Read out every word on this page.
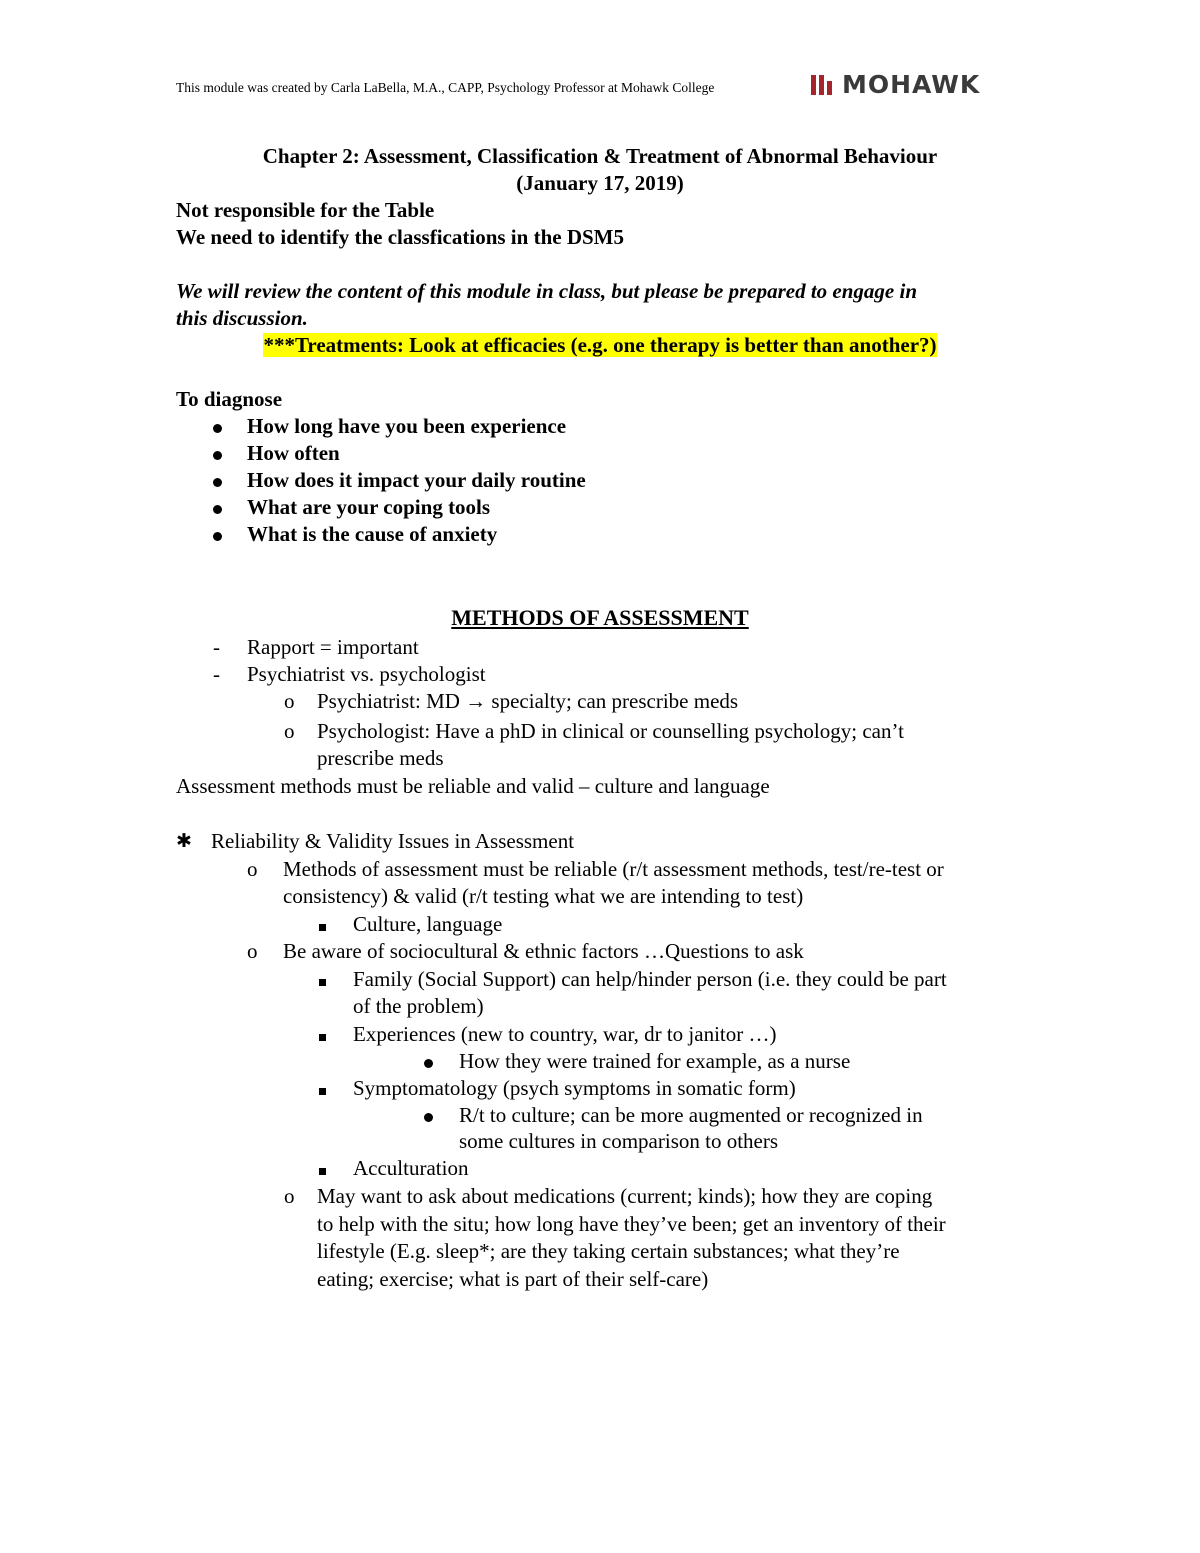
This module was created by Carla LaBella, M.A., CAPP, Psychology Professor at Mohawk College	MOHAWK
Chapter 2: Assessment, Classification & Treatment of Abnormal Behaviour
(January 17, 2019)
Not responsible for the Table
We need to identify the classfications in the DSM5
We will review the content of this module in class, but please be prepared to engage in
this discussion.
***Treatments: Look at efficacies (e.g. one therapy is better than another?)
To diagnose
How long have you been experience
How often
How does it impact your daily routine
What are your coping tools
What is the cause of anxiety
METHODS OF ASSESSMENT
- Rapport = important
- Psychiatrist vs. psychologist
o Psychiatrist: MD → specialty; can prescribe meds
o Psychologist: Have a phD in clinical or counselling psychology; can’t
prescribe meds
Assessment methods must be reliable and valid – culture and language
✱ Reliability & Validity Issues in Assessment
o Methods of assessment must be reliable (r/t assessment methods, test/re-test or
consistency) & valid (r/t testing what we are intending to test)
Culture, language
o Be aware of sociocultural & ethnic factors …Questions to ask
Family (Social Support) can help/hinder person (i.e. they could be part
of the problem)
Experiences (new to country, war, dr to janitor …)
How they were trained for example, as a nurse
Symptomatology (psych symptoms in somatic form)
R/t to culture; can be more augmented or recognized in
some cultures in comparison to others
Acculturation
o May want to ask about medications (current; kinds); how they are coping
to help with the situ; how long have they’ve been; get an inventory of their
lifestyle (E.g. sleep*; are they taking certain substances; what they’re
eating; exercise; what is part of their self-care)
